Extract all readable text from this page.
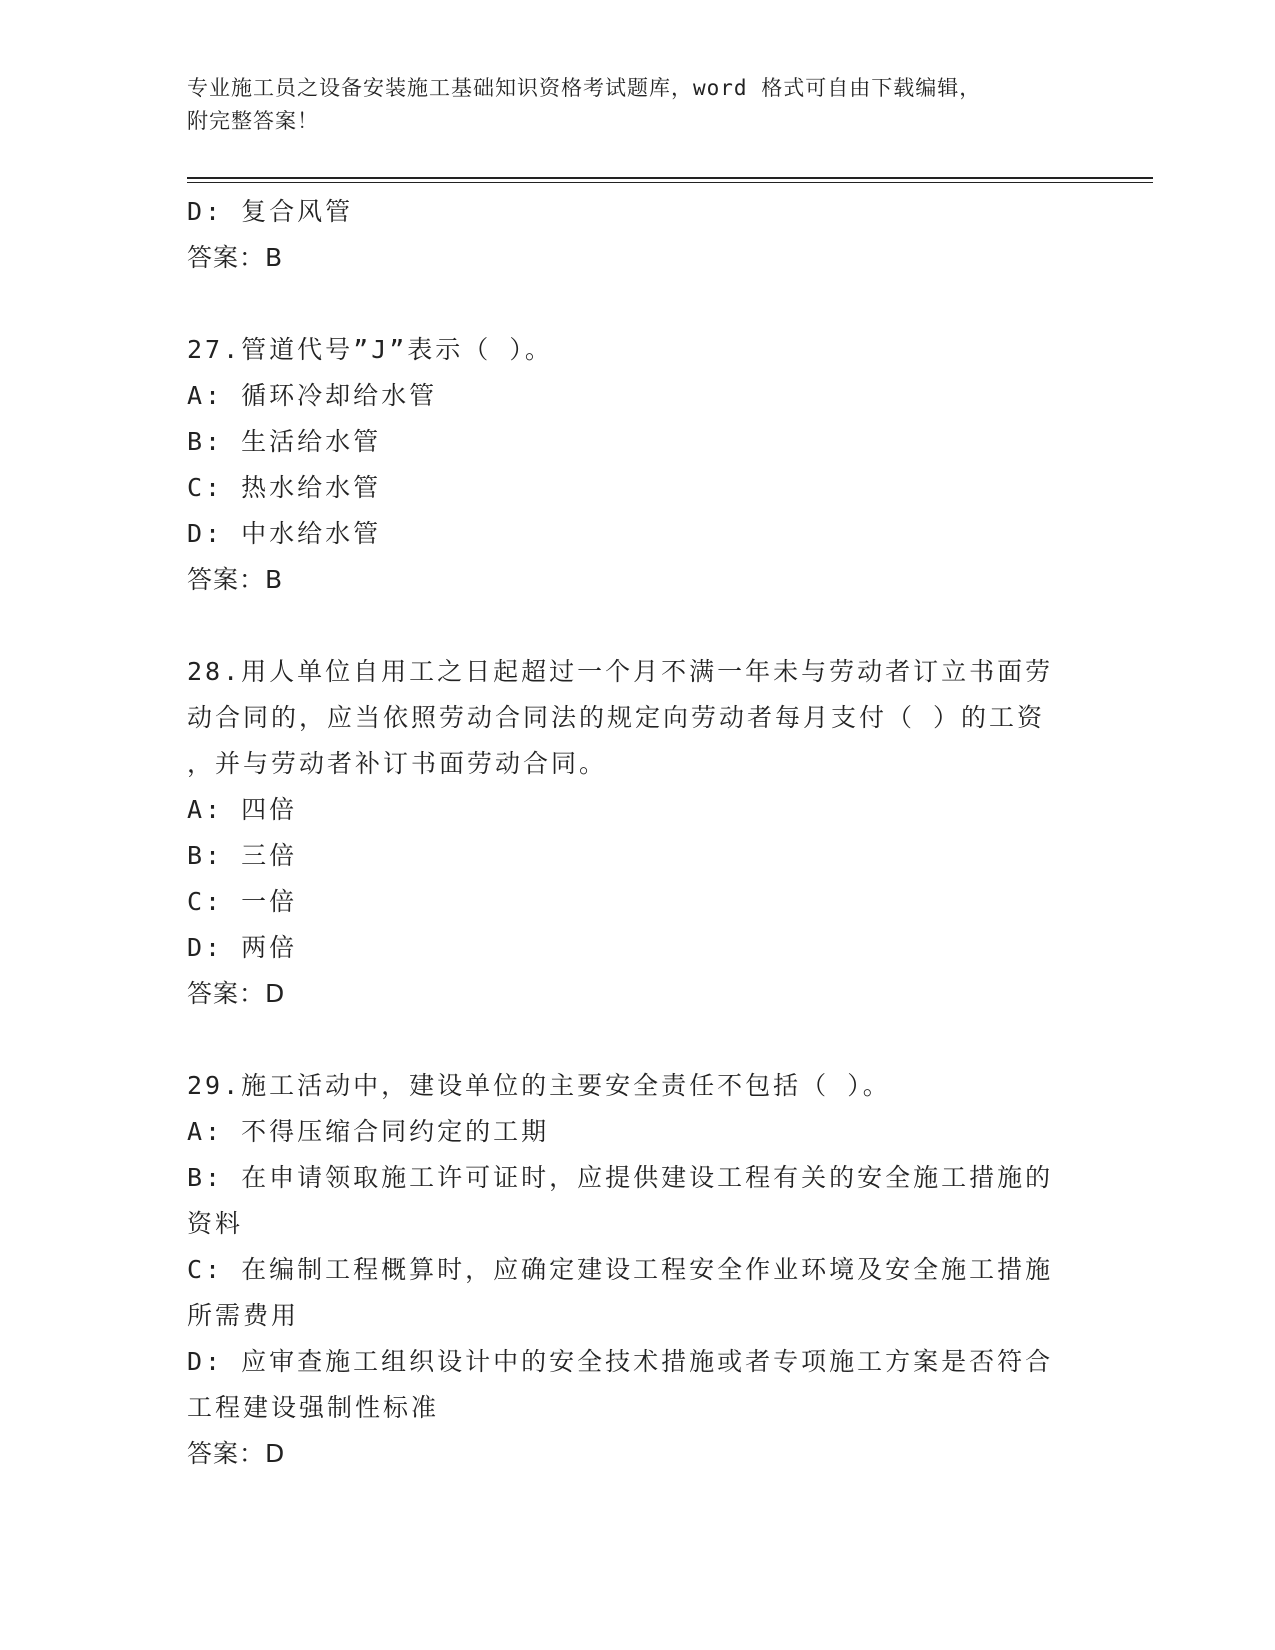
专业施工员之设备安装施工基础知识资格考试题库，word 格式可自由下载编辑，
附完整答案！
D: 复合风管
答案：B
27.管道代号”J”表示（ ）。
A: 循环冷却给水管
B: 生活给水管
C: 热水给水管
D: 中水给水管
答案：B
28.用人单位自用工之日起超过一个月不满一年未与劳动者订立书面劳
动合同的，应当依照劳动合同法的规定向劳动者每月支付（ ）的工资
，并与劳动者补订书面劳动合同。
A: 四倍
B: 三倍
C: 一倍
D: 两倍
答案：D
29.施工活动中，建设单位的主要安全责任不包括（ ）。
A: 不得压缩合同约定的工期
B: 在申请领取施工许可证时，应提供建设工程有关的安全施工措施的
资料
C: 在编制工程概算时，应确定建设工程安全作业环境及安全施工措施
所需费用
D: 应审查施工组织设计中的安全技术措施或者专项施工方案是否符合
工程建设强制性标准
答案：D
